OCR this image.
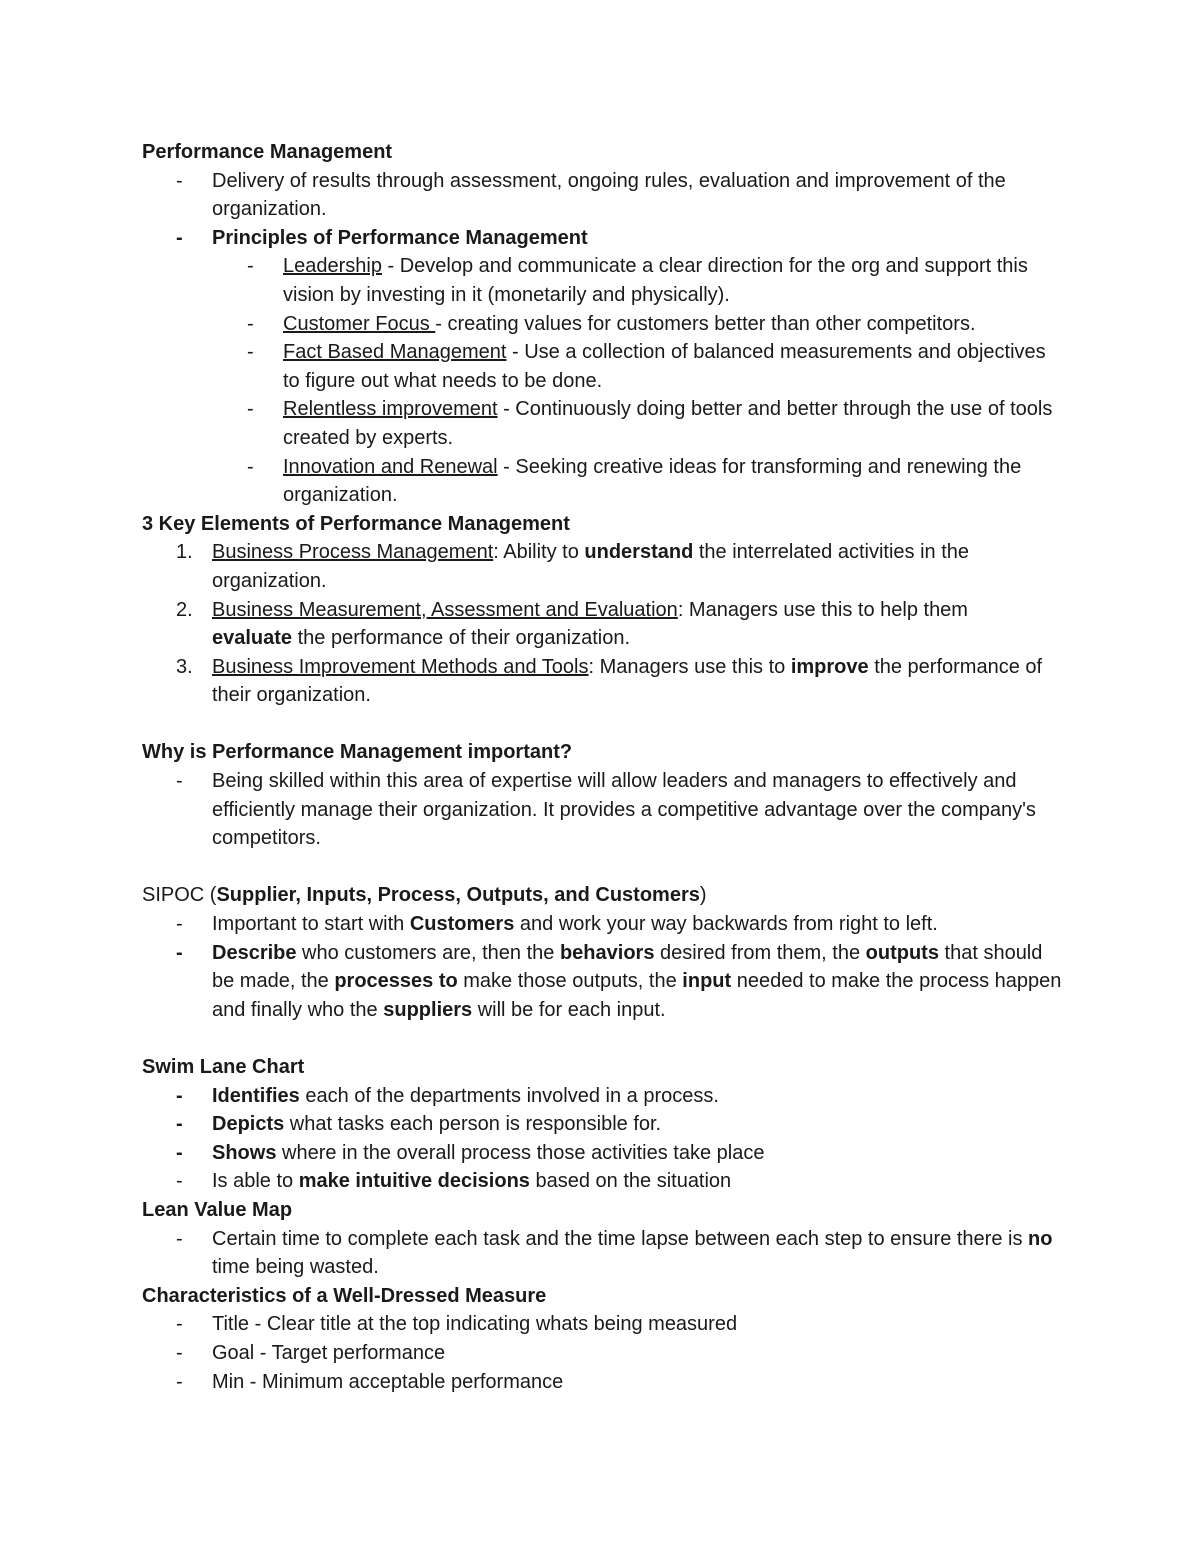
Performance Management
- Delivery of results through assessment, ongoing rules, evaluation and improvement of the organization.
- Principles of Performance Management
- Leadership - Develop and communicate a clear direction for the org and support this vision by investing in it (monetarily and physically).
- Customer Focus - creating values for customers better than other competitors.
- Fact Based Management - Use a collection of balanced measurements and objectives to figure out what needs to be done.
- Relentless improvement - Continuously doing better and better through the use of tools created by experts.
- Innovation and Renewal - Seeking creative ideas for transforming and renewing the organization.
3 Key Elements of Performance Management
1. Business Process Management: Ability to understand the interrelated activities in the organization.
2. Business Measurement, Assessment and Evaluation: Managers use this to help them
evaluate the performance of their organization.
3. Business Improvement Methods and Tools: Managers use this to improve the performance of their organization.
Why is Performance Management important?
- Being skilled within this area of expertise will allow leaders and managers to effectively and efficiently manage their organization. It provides a competitive advantage over the company's competitors.
SIPOC (Supplier, Inputs, Process, Outputs, and Customers)
- Important to start with Customers and work your way backwards from right to left.
- Describe who customers are, then the behaviors desired from them, the outputs that should be made, the processes to make those outputs, the input needed to make the process happen and finally who the suppliers will be for each input.
Swim Lane Chart
- Identifies each of the departments involved in a process.
- Depicts what tasks each person is responsible for.
- Shows where in the overall process those activities take place
- Is able to make intuitive decisions based on the situation
Lean Value Map
- Certain time to complete each task and the time lapse between each step to ensure there is no time being wasted.
Characteristics of a Well-Dressed Measure
- Title - Clear title at the top indicating whats being measured
- Goal - Target performance
- Min - Minimum acceptable performance
